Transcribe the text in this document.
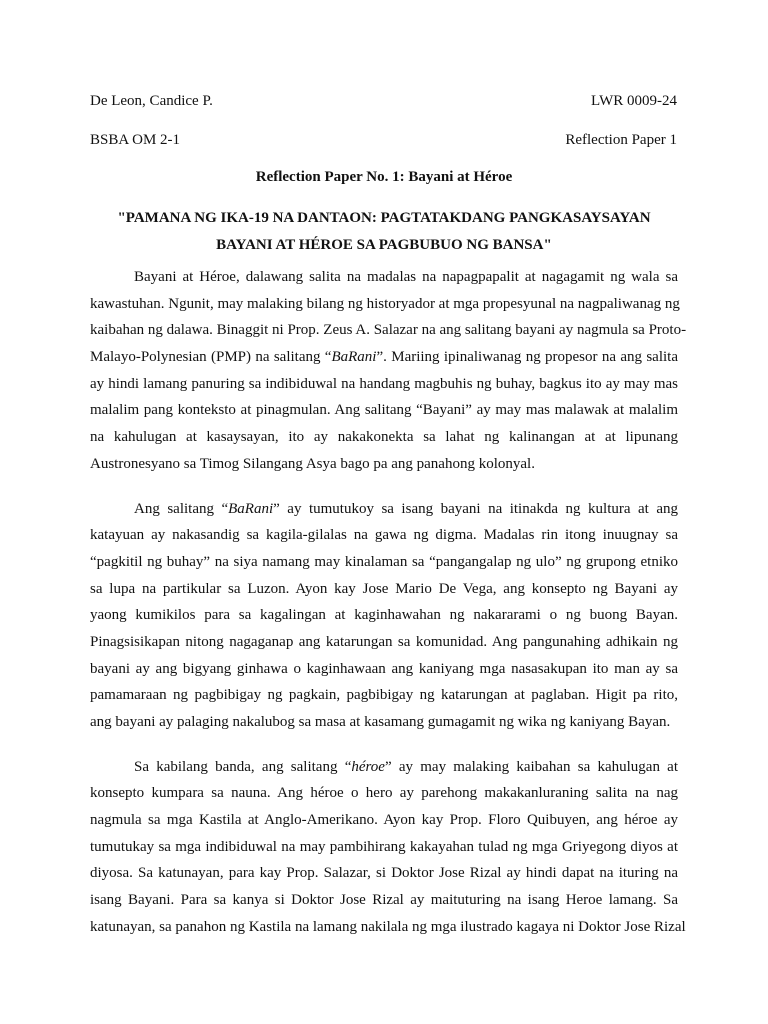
De Leon, Candice P.	LWR 0009-24
BSBA OM 2-1	Reflection Paper 1
Reflection Paper No. 1: Bayani at Héroe
"PAMANA NG IKA-19 NA DANTAON: PAGTATAKDANG PANGKASAYSAYAN
BAYANI AT HÉROE SA PAGBUBUO NG BANSA"
Bayani at Héroe, dalawang salita na madalas na napagpapalit at nagagamit ng wala sa
kawastuhan. Ngunit, may malaking bilang ng historyador at mga propesyunal na nagpaliwanag ng
kaibahan ng dalawa. Binaggit ni Prop. Zeus A. Salazar na ang salitang bayani ay nagmula sa Proto-
Malayo-Polynesian (PMP) na salitang “BaRani”. Mariing ipinaliwanag ng propesor na ang salita
ay hindi lamang panuring sa indibiduwal na handang magbuhis ng buhay, bagkus ito ay may mas
malalim pang konteksto at pinagmulan. Ang salitang “Bayani” ay may mas malawak at malalim
na kahulugan at kasaysayan, ito ay nakakonekta sa lahat ng kalinangan at at lipunang
Austronesyano sa Timog Silangang Asya bago pa ang panahong kolonyal.
Ang salitang “BaRani” ay tumutukoy sa isang bayani na itinakda ng kultura at ang
katayuan ay nakasandig sa kagila-gilalas na gawa ng digma. Madalas rin itong inuugnay sa
“pagkitil ng buhay” na siya namang may kinalaman sa “pangangalap ng ulo” ng grupong etniko
sa lupa na partikular sa Luzon. Ayon kay Jose Mario De Vega, ang konsepto ng Bayani ay
yaong kumikilos para sa kagalingan at kaginhawahan ng nakararami o ng buong Bayan.
Pinagsisikapan nitong nagaganap ang katarungan sa komunidad. Ang pangunahing adhikain ng
bayani ay ang bigyang ginhawa o kaginhawaan ang kaniyang mga nasasakupan ito man ay sa
pamamaraan ng pagbibigay ng pagkain, pagbibigay ng katarungan at paglaban. Higit pa rito,
ang bayani ay palaging nakalubog sa masa at kasamang gumagamit ng wika ng kaniyang Bayan.
Sa kabilang banda, ang salitang “héroe” ay may malaking kaibahan sa kahulugan at
konsepto kumpara sa nauna. Ang héroe o hero ay parehong makakanluraning salita na nag
nagmula sa mga Kastila at Anglo-Amerikano. Ayon kay Prop. Floro Quibuyen, ang héroe ay
tumutukay sa mga indibiduwal na may pambihirang kakayahan tulad ng mga Griyegong diyos at
diyosa. Sa katunayan, para kay Prop. Salazar, si Doktor Jose Rizal ay hindi dapat na ituring na
isang Bayani. Para sa kanya si Doktor Jose Rizal ay maituturing na isang Heroe lamang. Sa
katunayan, sa panahon ng Kastila na lamang nakilala ng mga ilustrado kagaya ni Doktor Jose Rizal
